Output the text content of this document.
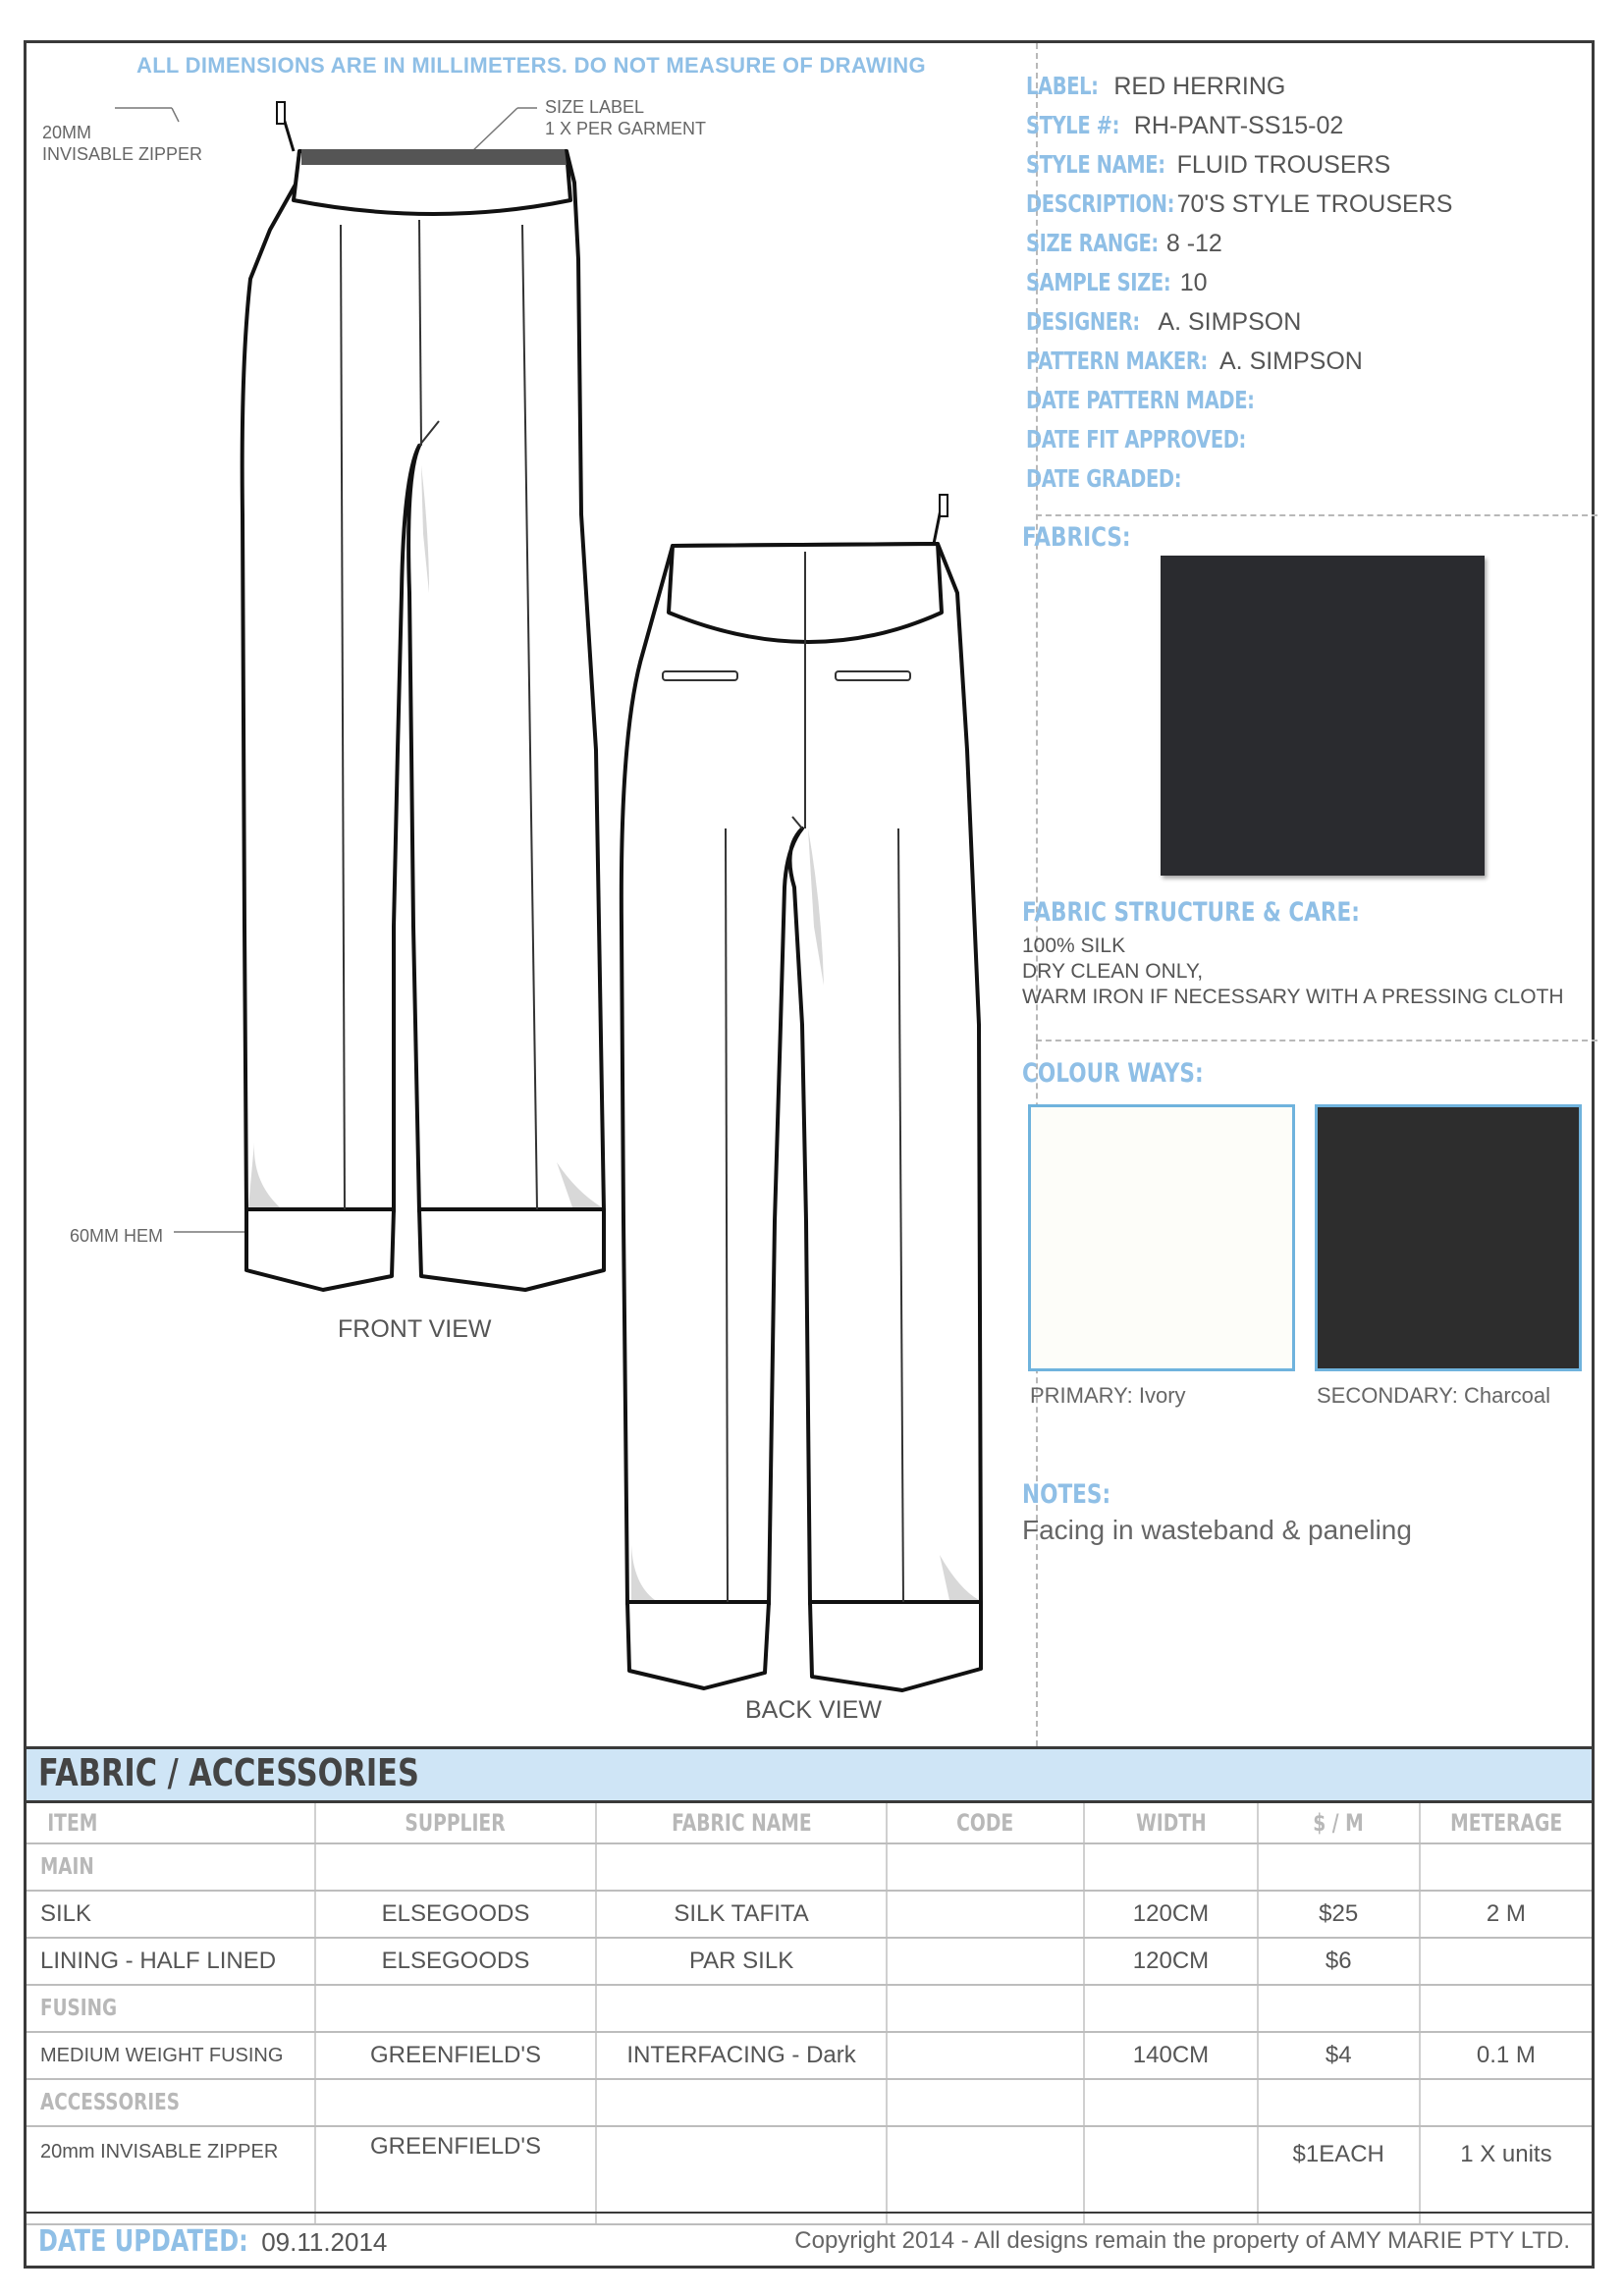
ALL DIMENSIONS ARE IN MILLIMETERS. DO NOT MEASURE OF DRAWING
20MM
INVISABLE ZIPPER
SIZE LABEL
1 X PER GARMENT
60MM HEM
FRONT VIEW
BACK VIEW
LABEL: RED HERRING
STYLE #: RH-PANT-SS15-02
STYLE NAME: FLUID TROUSERS
DESCRIPTION: 70'S STYLE TROUSERS
SIZE RANGE: 8 -12
SAMPLE SIZE: 10
DESIGNER: A. SIMPSON
PATTERN MAKER: A. SIMPSON
DATE PATTERN MADE:
DATE FIT APPROVED:
DATE GRADED:
FABRICS:
FABRIC STRUCTURE & CARE:
100% SILK
DRY CLEAN ONLY,
WARM IRON IF NECESSARY WITH A PRESSING CLOTH
COLOUR WAYS:
PRIMARY: Ivory	SECONDARY: Charcoal
NOTES:
Facing in wasteband & paneling
FABRIC / ACCESSORIES
ITEM	SUPPLIER	FABRIC NAME	CODE	WIDTH	$ / M	METERAGE
MAIN						
SILK	ELSEGOODS	SILK TAFITA		120CM	$25	2 M
LINING - HALF LINED	ELSEGOODS	PAR SILK		120CM	$6	
FUSING						
MEDIUM WEIGHT FUSING	GREENFIELD'S	INTERFACING - Dark		140CM	$4	0.1 M
ACCESSORIES						
20mm INVISABLE ZIPPER	GREENFIELD'S				$1EACH	1 X units
DATE UPDATED: 09.11.2014	Copyright 2014 - All designs remain the property of AMY MARIE PTY LTD.
